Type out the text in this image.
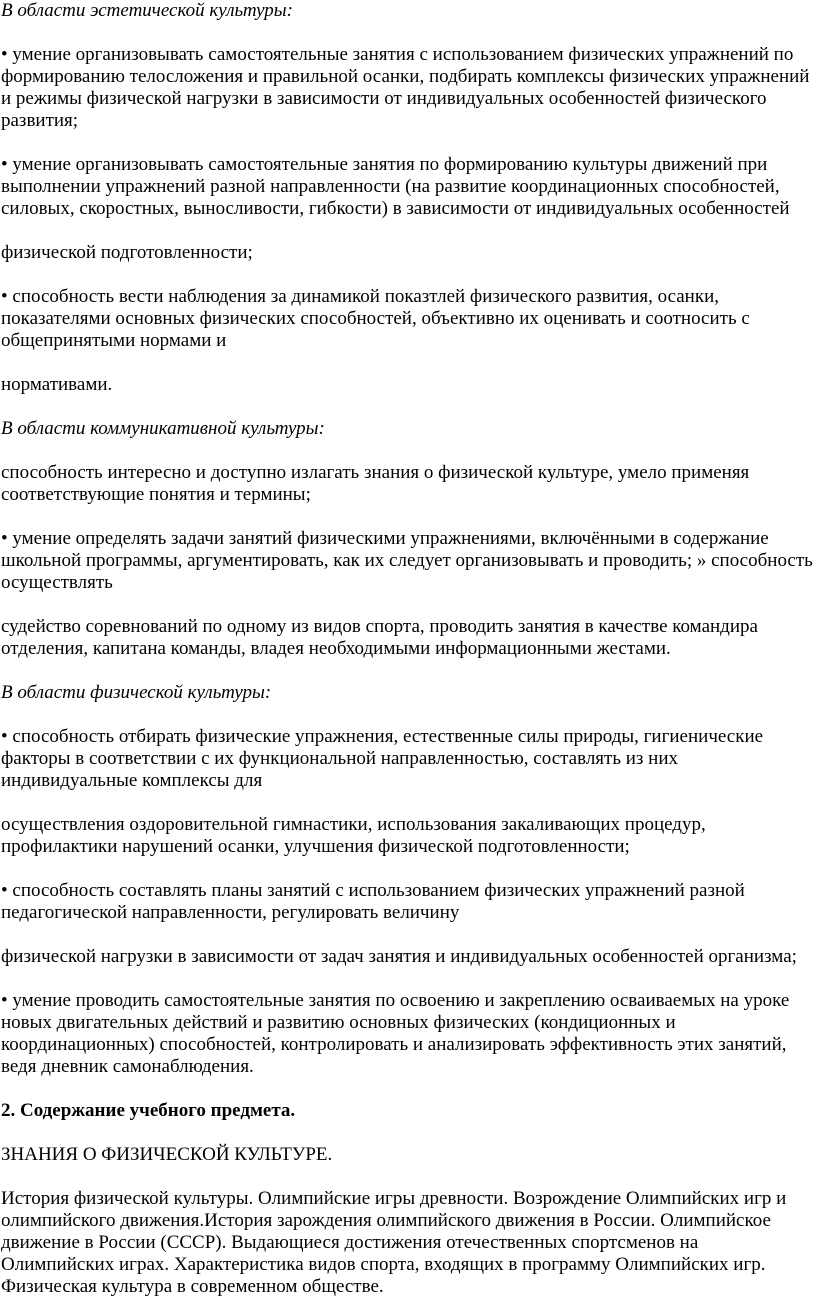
В области эстетической культуры:

• умение организовывать самостоятельные занятия с использованием физических упражнений по формированию телосложения и правильной осанки, подбирать комплексы физических упражнений и режимы физической нагрузки в зависимости от индивидуальных особенностей физического развития;

• умение организовывать самостоятельные занятия по формированию культуры движений при выполнении упражнений разной направленности (на развитие координационных способностей, силовых, скоростных, выносливости, гибкости) в зависимости от индивидуальных особенностей

физической подготовленности;

• способность вести наблюдения за динамикой показтлей физического развития, осанки, показателями основных физических способностей, объективно их оценивать и соотносить с общепринятыми нормами и

нормативами.

В области коммуникативной культуры:

способность интересно и доступно излагать знания о физической культуре, умело применяя соответствующие понятия и термины;

• умение определять задачи занятий физическими упражнениями, включёнными в содержание школьной программы, аргументировать, как их следует организовывать и проводить; » способность осуществлять

судейство соревнований по одному из видов спорта, проводить занятия в качестве командира отделения, капитана команды, владея необходимыми информационными жестами.

В области физической культуры:

• способность отбирать физические упражнения, естественные силы природы, гигиенические факторы в соответствии с их функциональной направленностью, составлять из них индивидуальные комплексы для

осуществления оздоровительной гимнастики, использования закаливающих процедур, профилактики нарушений осанки, улучшения физической подготовленности;

• способность составлять планы занятий с использованием физических упражнений разной педагогической направленности, регулировать величину

физической нагрузки в зависимости от задач занятия и индивидуальных особенностей организма;

• умение проводить самостоятельные занятия по освоению и закреплению осваиваемых на уроке новых двигательных действий и развитию основных физических (кондиционных и координационных) способностей, контролировать и анализировать эффективность этих занятий, ведя дневник самонаблюдения.

2. Содержание учебного предмета.

ЗНАНИЯ О ФИЗИЧЕСКОЙ КУЛЬТУРЕ.

История физической культуры. Олимпийские игры древности. Возрождение Олимпийских игр и олимпийского движения.История зарождения олимпийского движения в России. Олимпийское движение в России (СССР). Выдающиеся достижения отечественных спортсменов на Олимпийских играх. Характеристика видов спорта, входящих в программу Олимпийских игр. Физическая культура в современном обществе.
